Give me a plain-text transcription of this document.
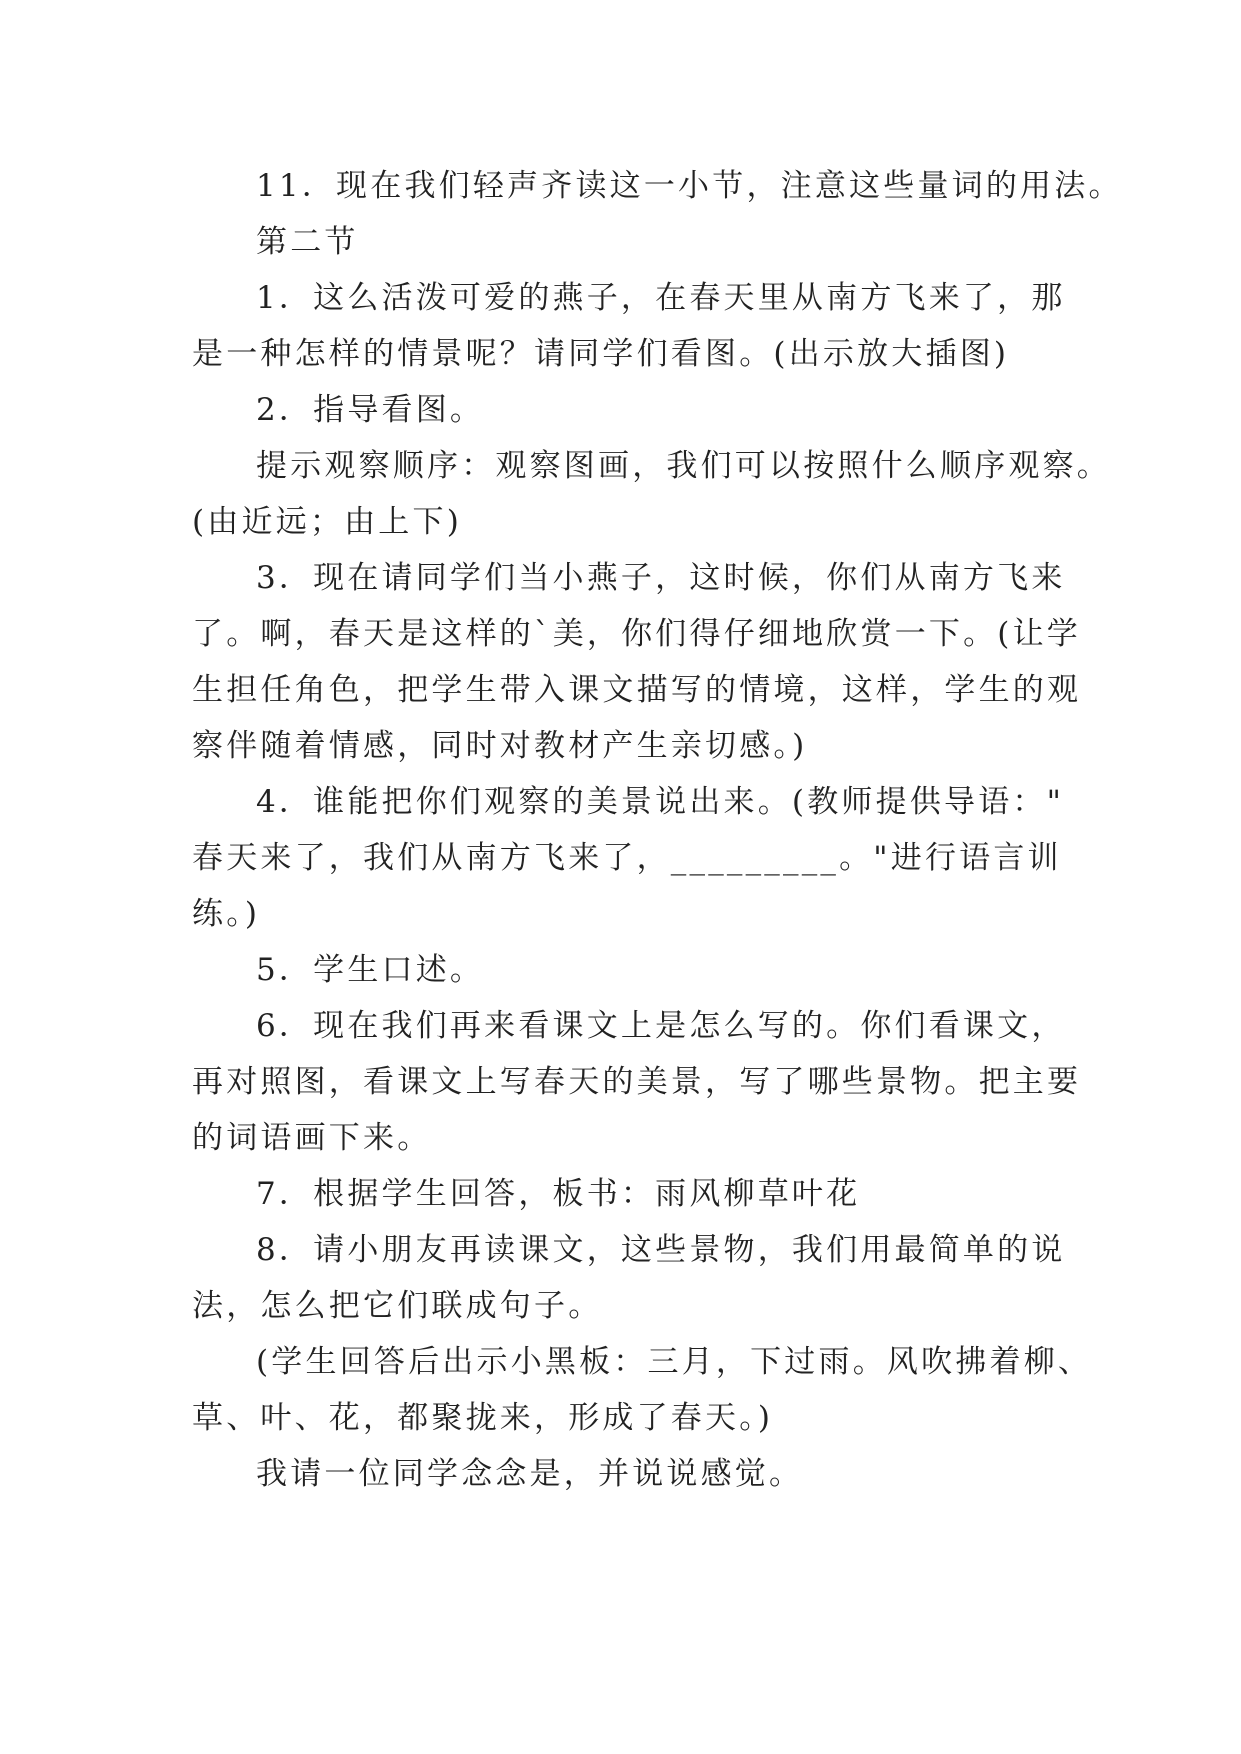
11．现在我们轻声齐读这一小节，注意这些量词的用法。
第二节
1．这么活泼可爱的燕子，在春天里从南方飞来了，那
是一种怎样的情景呢？请同学们看图。(出示放大插图)
2．指导看图。
提示观察顺序：观察图画，我们可以按照什么顺序观察。
(由近远；由上下)
3．现在请同学们当小燕子，这时候，你们从南方飞来
了。啊，春天是这样的`美，你们得仔细地欣赏一下。(让学
生担任角色，把学生带入课文描写的情境，这样，学生的观
察伴随着情感，同时对教材产生亲切感。)
4．谁能把你们观察的美景说出来。(教师提供导语："
春天来了，我们从南方飞来了，_________。"进行语言训
练。)
5．学生口述。
6．现在我们再来看课文上是怎么写的。你们看课文，
再对照图，看课文上写春天的美景，写了哪些景物。把主要
的词语画下来。
7．根据学生回答，板书：雨风柳草叶花
8．请小朋友再读课文，这些景物，我们用最简单的说
法，怎么把它们联成句子。
(学生回答后出示小黑板：三月，下过雨。风吹拂着柳、
草、叶、花，都聚拢来，形成了春天。)
我请一位同学念念是，并说说感觉。
